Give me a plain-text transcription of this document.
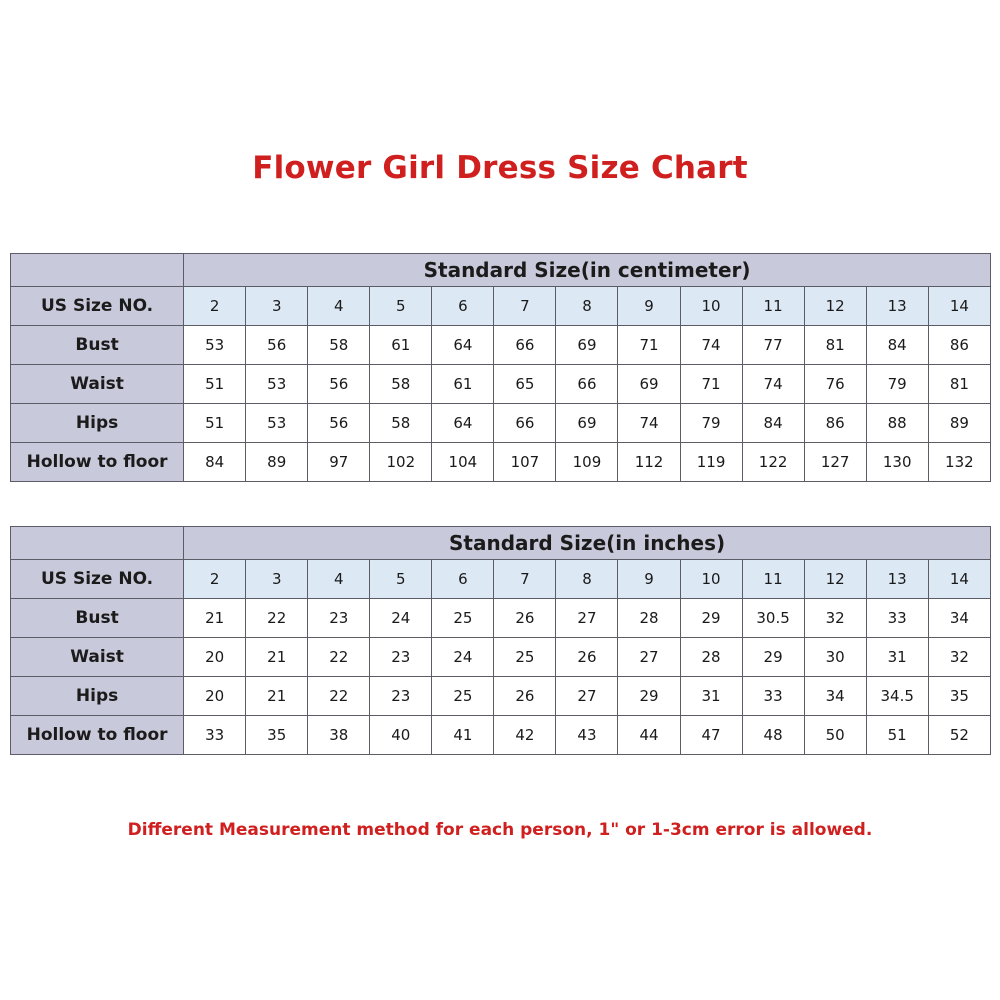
Flower Girl Dress Size Chart
	Standard Size(in centimeter)												
US Size NO.	2	3	4	5	6	7	8	9	10	11	12	13	14
Bust	53	56	58	61	64	66	69	71	74	77	81	84	86
Waist	51	53	56	58	61	65	66	69	71	74	76	79	81
Hips	51	53	56	58	64	66	69	74	79	84	86	88	89
Hollow to floor	84	89	97	102	104	107	109	112	119	122	127	130	132
	Standard Size(in inches)												
US Size NO.	2	3	4	5	6	7	8	9	10	11	12	13	14
Bust	21	22	23	24	25	26	27	28	29	30.5	32	33	34
Waist	20	21	22	23	24	25	26	27	28	29	30	31	32
Hips	20	21	22	23	25	26	27	29	31	33	34	34.5	35
Hollow to floor	33	35	38	40	41	42	43	44	47	48	50	51	52
Different Measurement method for each person, 1" or 1-3cm error is allowed.
